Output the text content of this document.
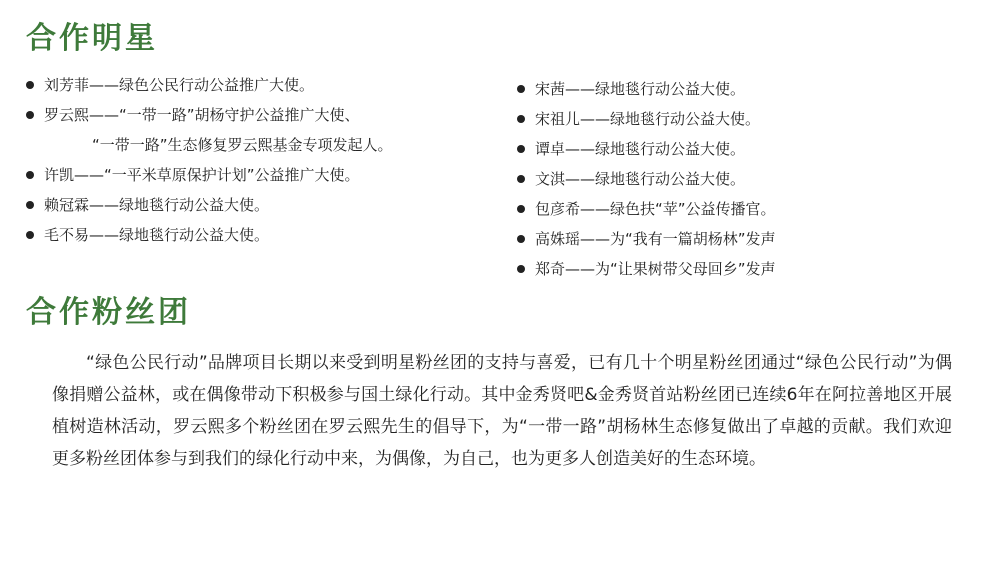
合作明星
刘芳菲——绿色公民行动公益推广大使。
罗云熙——“一带一路”胡杨守护公益推广大使、
“一带一路”生态修复罗云熙基金专项发起人。
许凯——“一平米草原保护计划”公益推广大使。
赖冠霖——绿地毯行动公益大使。
毛不易——绿地毯行动公益大使。
宋茜——绿地毯行动公益大使。
宋祖儿——绿地毯行动公益大使。
谭卓——绿地毯行动公益大使。
文淇——绿地毯行动公益大使。
包彦希——绿色扶“苹”公益传播官。
高姝瑶——为“我有一篇胡杨林”发声
郑奇——为“让果树带父母回乡”发声
合作粉丝团

“绿色公民行动”品牌项目长期以来受到明星粉丝团的支持与喜爱，已有几十个明星粉丝团通过“绿色公民行动”为偶像捐赠公益林，或在偶像带动下积极参与国土绿化行动。其中金秀贤吧&金秀贤首站粉丝团已连续6年在阿拉善地区开展植树造林活动，罗云熙多个粉丝团在罗云熙先生的倡导下，为“一带一路”胡杨林生态修复做出了卓越的贡献。我们欢迎更多粉丝团体参与到我们的绿化行动中来，为偶像，为自己，也为更多人创造美好的生态环境。
